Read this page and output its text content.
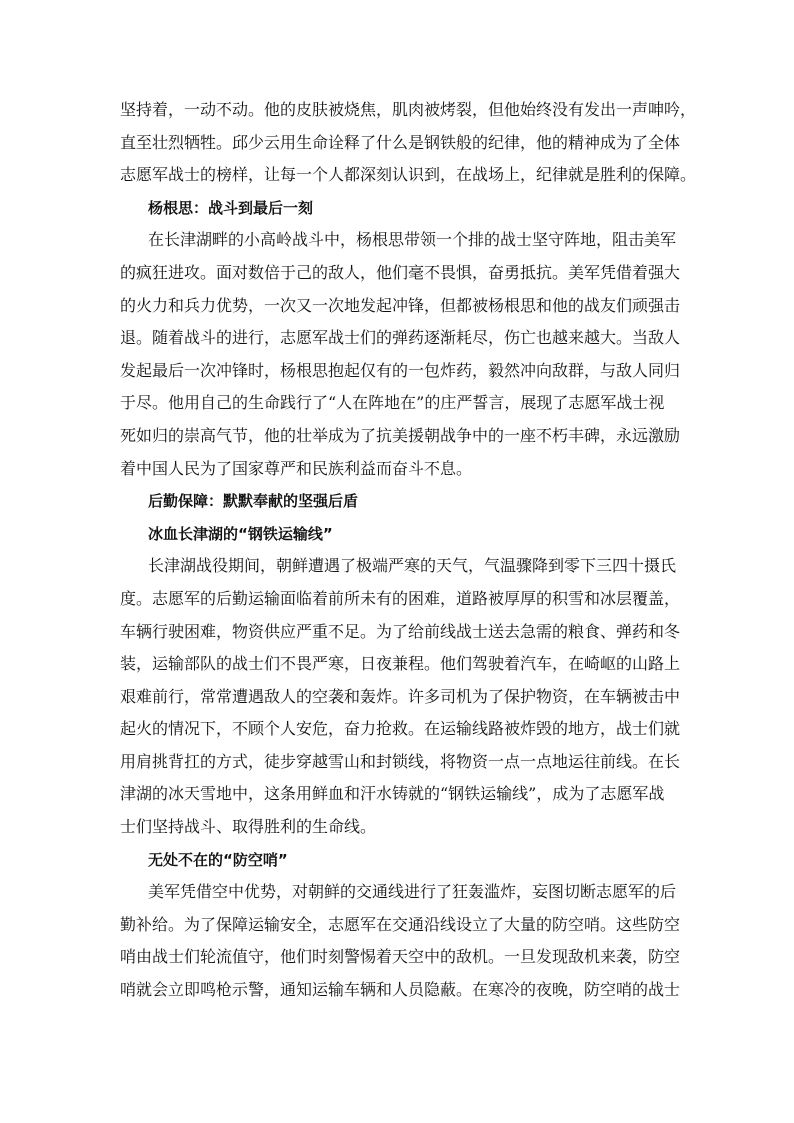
坚持着，一动不动。他的皮肤被烧焦，肌肉被烤裂，但他始终没有发出一声呻吟，
直至壮烈牺牲。邱少云用生命诠释了什么是钢铁般的纪律，他的精神成为了全体
志愿军战士的榜样，让每一个人都深刻认识到，在战场上，纪律就是胜利的保障。
杨根思：战斗到最后一刻
在长津湖畔的小高岭战斗中，杨根思带领一个排的战士坚守阵地，阻击美军
的疯狂进攻。面对数倍于己的敌人，他们毫不畏惧，奋勇抵抗。美军凭借着强大
的火力和兵力优势，一次又一次地发起冲锋，但都被杨根思和他的战友们顽强击
退。随着战斗的进行，志愿军战士们的弹药逐渐耗尽，伤亡也越来越大。当敌人
发起最后一次冲锋时，杨根思抱起仅有的一包炸药，毅然冲向敌群，与敌人同归
于尽。他用自己的生命践行了“人在阵地在”的庄严誓言，展现了志愿军战士视
死如归的崇高气节，他的壮举成为了抗美援朝战争中的一座不朽丰碑，永远激励
着中国人民为了国家尊严和民族利益而奋斗不息。
后勤保障：默默奉献的坚强后盾
冰血长津湖的“钢铁运输线”
长津湖战役期间，朝鲜遭遇了极端严寒的天气，气温骤降到零下三四十摄氏
度。志愿军的后勤运输面临着前所未有的困难，道路被厚厚的积雪和冰层覆盖，
车辆行驶困难，物资供应严重不足。为了给前线战士送去急需的粮食、弹药和冬
装，运输部队的战士们不畏严寒，日夜兼程。他们驾驶着汽车，在崎岖的山路上
艰难前行，常常遭遇敌人的空袭和轰炸。许多司机为了保护物资，在车辆被击中
起火的情况下，不顾个人安危，奋力抢救。在运输线路被炸毁的地方，战士们就
用肩挑背扛的方式，徒步穿越雪山和封锁线，将物资一点一点地运往前线。在长
津湖的冰天雪地中，这条用鲜血和汗水铸就的“钢铁运输线”，成为了志愿军战
士们坚持战斗、取得胜利的生命线。
无处不在的“防空哨”
美军凭借空中优势，对朝鲜的交通线进行了狂轰滥炸，妄图切断志愿军的后
勤补给。为了保障运输安全，志愿军在交通沿线设立了大量的防空哨。这些防空
哨由战士们轮流值守，他们时刻警惕着天空中的敌机。一旦发现敌机来袭，防空
哨就会立即鸣枪示警，通知运输车辆和人员隐蔽。在寒冷的夜晚，防空哨的战士
